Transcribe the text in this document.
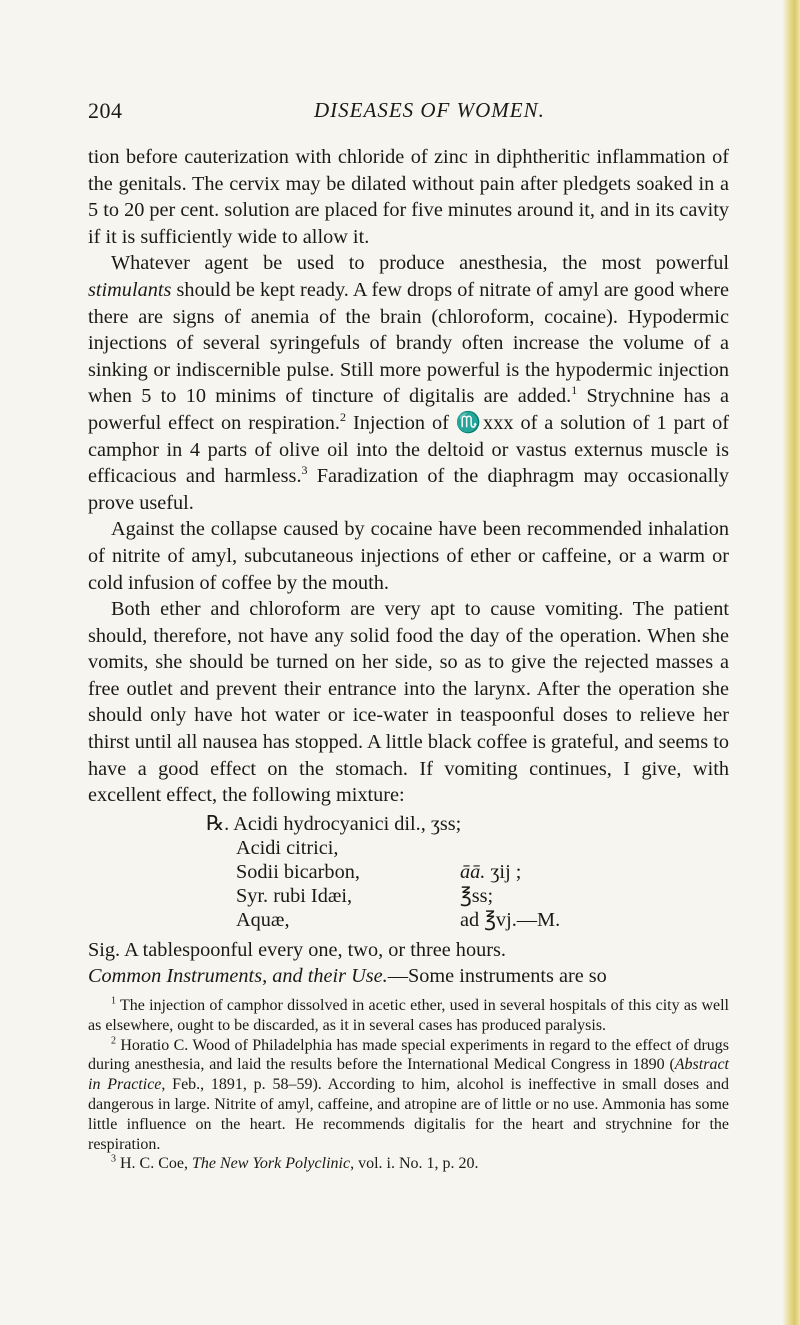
204	DISEASES OF WOMEN.

tion before cauterization with chloride of zinc in diphtheritic inflammation of the genitals. The cervix may be dilated without pain after pledgets soaked in a 5 to 20 per cent. solution are placed for five minutes around it, and in its cavity if it is sufficiently wide to allow it.

Whatever agent be used to produce anesthesia, the most powerful stimulants should be kept ready. A few drops of nitrate of amyl are good where there are signs of anemia of the brain (chloroform, cocaine). Hypodermic injections of several syringefuls of brandy often increase the volume of a sinking or indiscernible pulse. Still more powerful is the hypodermic injection when 5 to 10 minims of tincture of digitalis are added.$^1$ Strychnine has a powerful effect on respiration.$^2$ Injection of ♏xxx of a solution of 1 part of camphor in 4 parts of olive oil into the deltoid or vastus externus muscle is efficacious and harmless.$^3$ Faradization of the diaphragm may occasionally prove useful.

Against the collapse caused by cocaine have been recommended inhalation of nitrite of amyl, subcutaneous injections of ether or caffeine, or a warm or cold infusion of coffee by the mouth.

Both ether and chloroform are very apt to cause vomiting. The patient should, therefore, not have any solid food the day of the operation. When she vomits, she should be turned on her side, so as to give the rejected masses a free outlet and prevent their entrance into the larynx. After the operation she should only have hot water or ice-water in teaspoonful doses to relieve her thirst until all nausea has stopped. A little black coffee is grateful, and seems to have a good effect on the stomach. If vomiting continues, I give, with excellent effect, the following mixture:

℞. Acidi hydrocyanici dil., ʒss;
Acidi citrici,
Sodii bicarbon,	āā. ʒij ;
Syr. rubi Idæi,	℥ss;
Aquæ,	ad ℥vj.—M.

Sig. A tablespoonful every one, two, or three hours.

Common Instruments, and their Use.—Some instruments are so

$^1$ The injection of camphor dissolved in acetic ether, used in several hospitals of this city as well as elsewhere, ought to be discarded, as it in several cases has produced paralysis.

$^2$ Horatio C. Wood of Philadelphia has made special experiments in regard to the effect of drugs during anesthesia, and laid the results before the International Medical Congress in 1890 (Abstract in Practice, Feb., 1891, p. 58–59). According to him, alcohol is ineffective in small doses and dangerous in large. Nitrite of amyl, caffeine, and atropine are of little or no use. Ammonia has some little influence on the heart. He recommends digitalis for the heart and strychnine for the respiration.

$^3$ H. C. Coe, The New York Polyclinic, vol. i. No. 1, p. 20.
